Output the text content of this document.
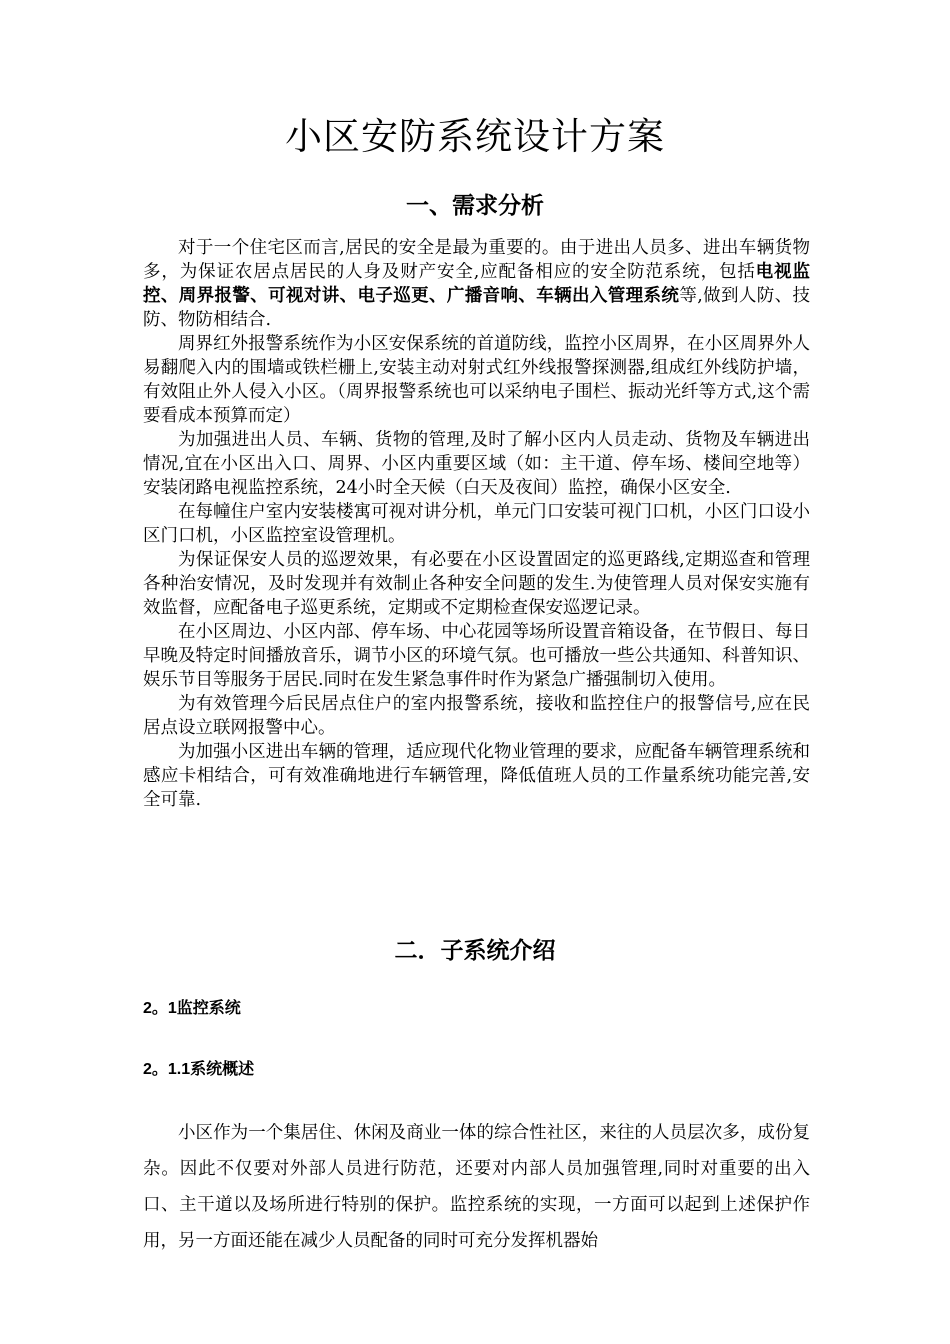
小区安防系统设计方案
一、需求分析

对于一个住宅区而言,居民的安全是最为重要的。由于进出人员多、进出车辆货物多，为保证农居点居民的人身及财产安全,应配备相应的安全防范系统，包括电视监控、周界报警、可视对讲、电子巡更、广播音响、车辆出入管理系统等,做到人防、技防、物防相结合.

周界红外报警系统作为小区安保系统的首道防线，监控小区周界，在小区周界外人易翻爬入内的围墙或铁栏栅上,安装主动对射式红外线报警探测器,组成红外线防护墙，有效阻止外人侵入小区。（周界报警系统也可以采纳电子围栏、振动光纤等方式,这个需要看成本预算而定）

为加强进出人员、车辆、货物的管理,及时了解小区内人员走动、货物及车辆进出情况,宜在小区出入口、周界、小区内重要区域（如：主干道、停车场、楼间空地等）安装闭路电视监控系统，24小时全天候（白天及夜间）监控，确保小区安全.

在每幢住户室内安装楼寓可视对讲分机，单元门口安装可视门口机，小区门口设小区门口机，小区监控室设管理机。

为保证保安人员的巡逻效果，有必要在小区设置固定的巡更路线,定期巡查和管理各种治安情况，及时发现并有效制止各种安全问题的发生.为使管理人员对保安实施有效监督，应配备电子巡更系统，定期或不定期检查保安巡逻记录。

在小区周边、小区内部、停车场、中心花园等场所设置音箱设备，在节假日、每日早晚及特定时间播放音乐，调节小区的环境气氛。也可播放一些公共通知、科普知识、娱乐节目等服务于居民.同时在发生紧急事件时作为紧急广播强制切入使用。

为有效管理今后民居点住户的室内报警系统，接收和监控住户的报警信号,应在民居点设立联网报警中心。

为加强小区进出车辆的管理，适应现代化物业管理的要求，应配备车辆管理系统和感应卡相结合，可有效准确地进行车辆管理，降低值班人员的工作量系统功能完善,安全可靠.

二．子系统介绍
2。1监控系统
2。1.1系统概述

小区作为一个集居住、休闲及商业一体的综合性社区，来往的人员层次多，成份复杂。因此不仅要对外部人员进行防范，还要对内部人员加强管理,同时对重要的出入口、主干道以及场所进行特别的保护。监控系统的实现，一方面可以起到上述保护作用，另一方面还能在减少人员配备的同时可充分发挥机器始
